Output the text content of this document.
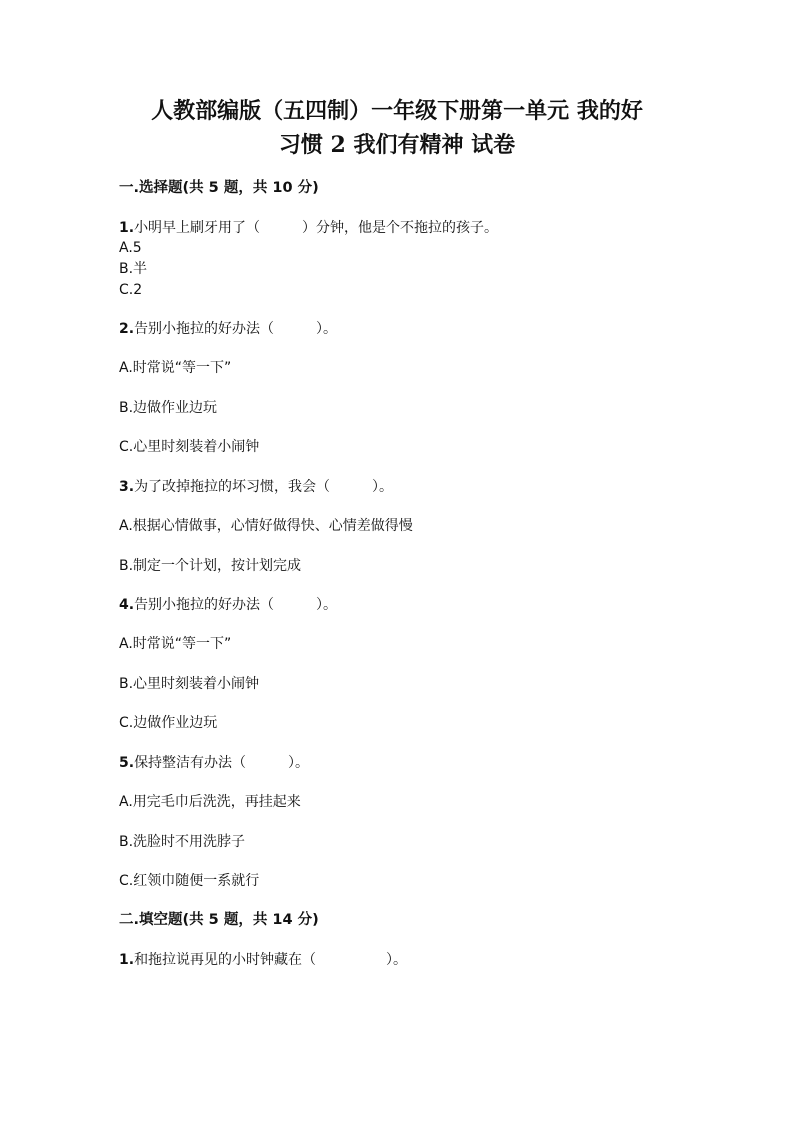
人教部编版（五四制）一年级下册第一单元 我的好
习惯 2 我们有精神 试卷
一.选择题(共 5 题，共 10 分)
1.小明早上刷牙用了（　　　）分钟，他是个不拖拉的孩子。
A.5
B.半
C.2
2.告别小拖拉的好办法（　　　）。
A.时常说“等一下”
B.边做作业边玩
C.心里时刻装着小闹钟
3.为了改掉拖拉的坏习惯，我会（　　　）。
A.根据心情做事，心情好做得快、心情差做得慢
B.制定一个计划，按计划完成
4.告别小拖拉的好办法（　　　）。
A.时常说“等一下”
B.心里时刻装着小闹钟
C.边做作业边玩
5.保持整洁有办法（　　　）。
A.用完毛巾后洗洗，再挂起来
B.洗脸时不用洗脖子
C.红领巾随便一系就行
二.填空题(共 5 题，共 14 分)
1.和拖拉说再见的小时钟藏在（　　　　　）。
